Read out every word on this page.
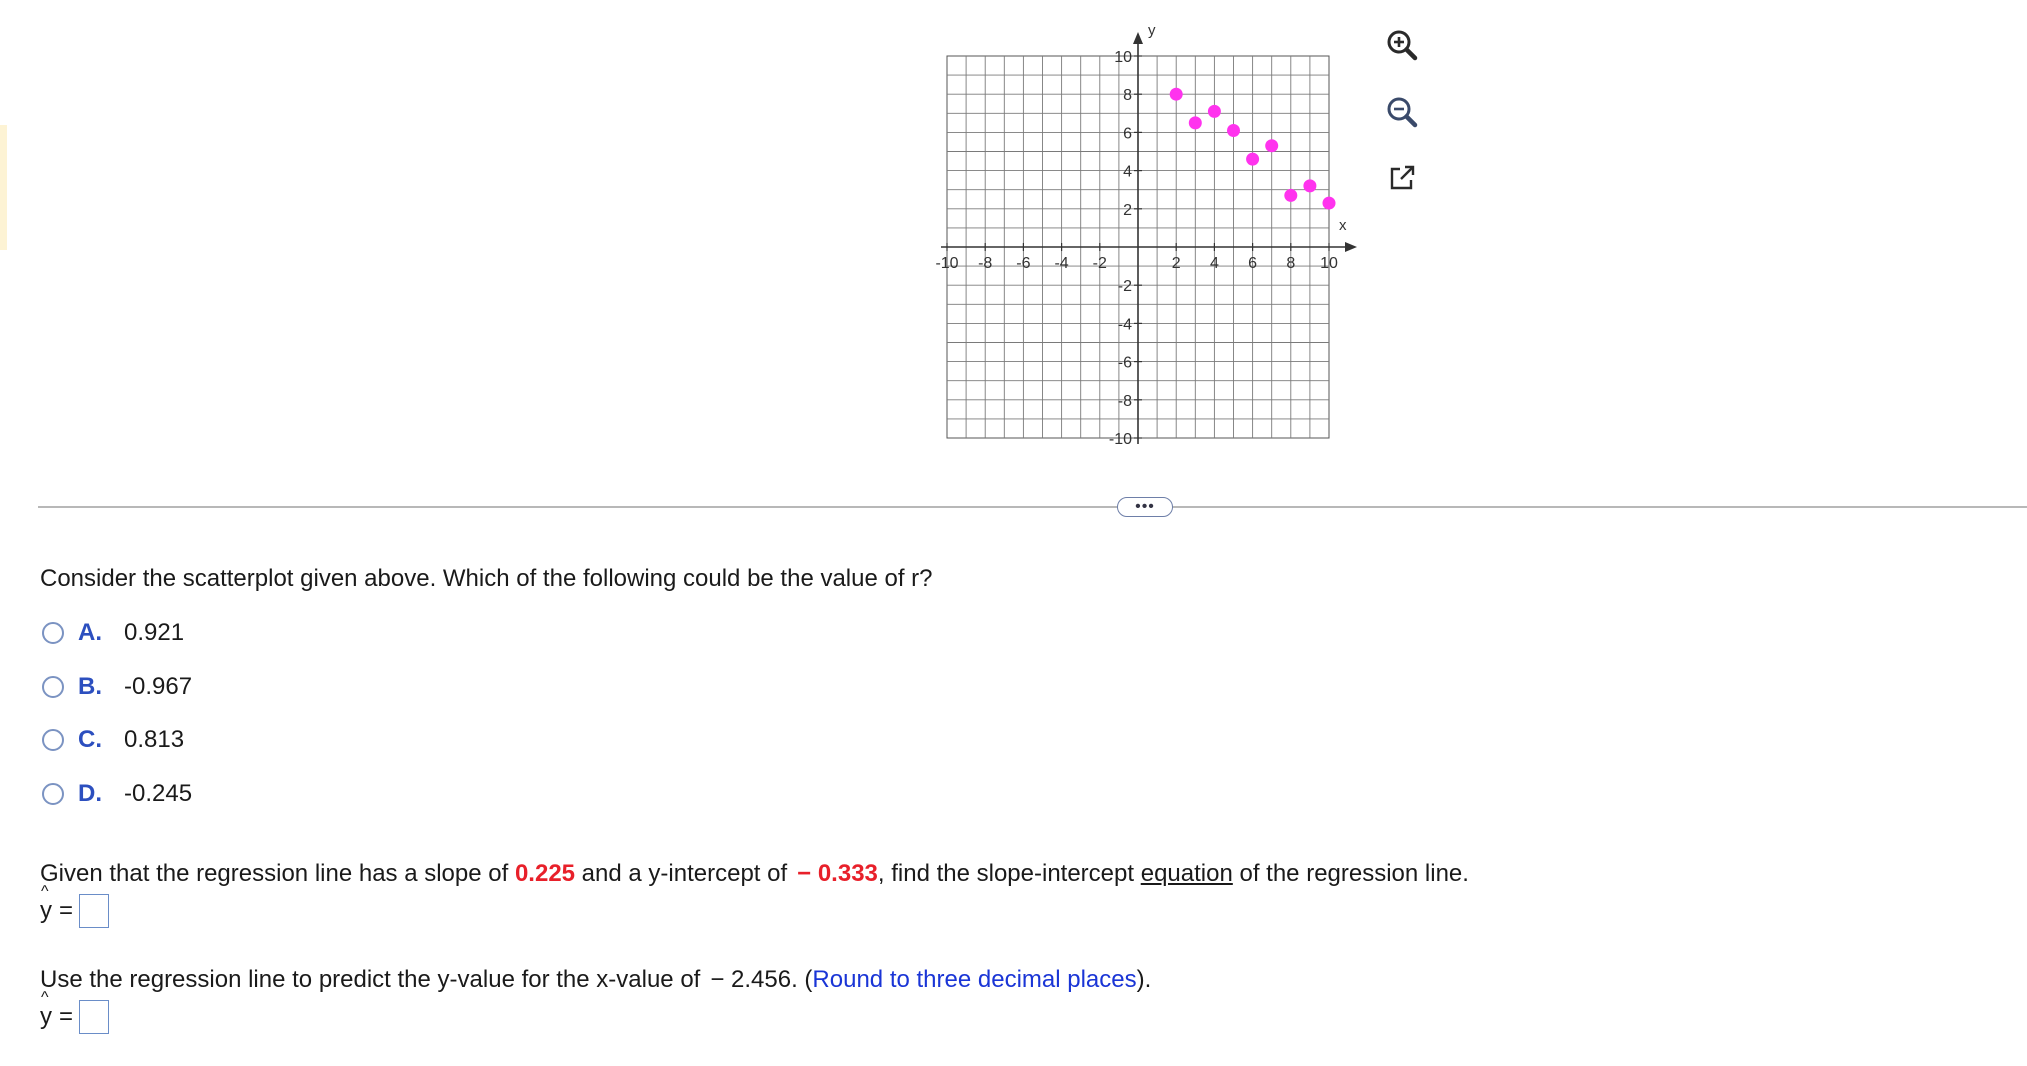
x
y
-10 -8 -6 -4 -2	2 4 6 8 10
10
8
6
4
2
-2
-4
-6
-8
-10
•••
Consider the scatterplot given above. Which of the following could be the value of r?
A. 0.921
B. -0.967
C. 0.813
D. -0.245
Given that the regression line has a slope of 0.225 and a y-intercept of − 0.333, find the slope-intercept equation of the regression line.
^
y =
Use the regression line to predict the y-value for the x-value of − 2.456. (Round to three decimal places).
^
y =
